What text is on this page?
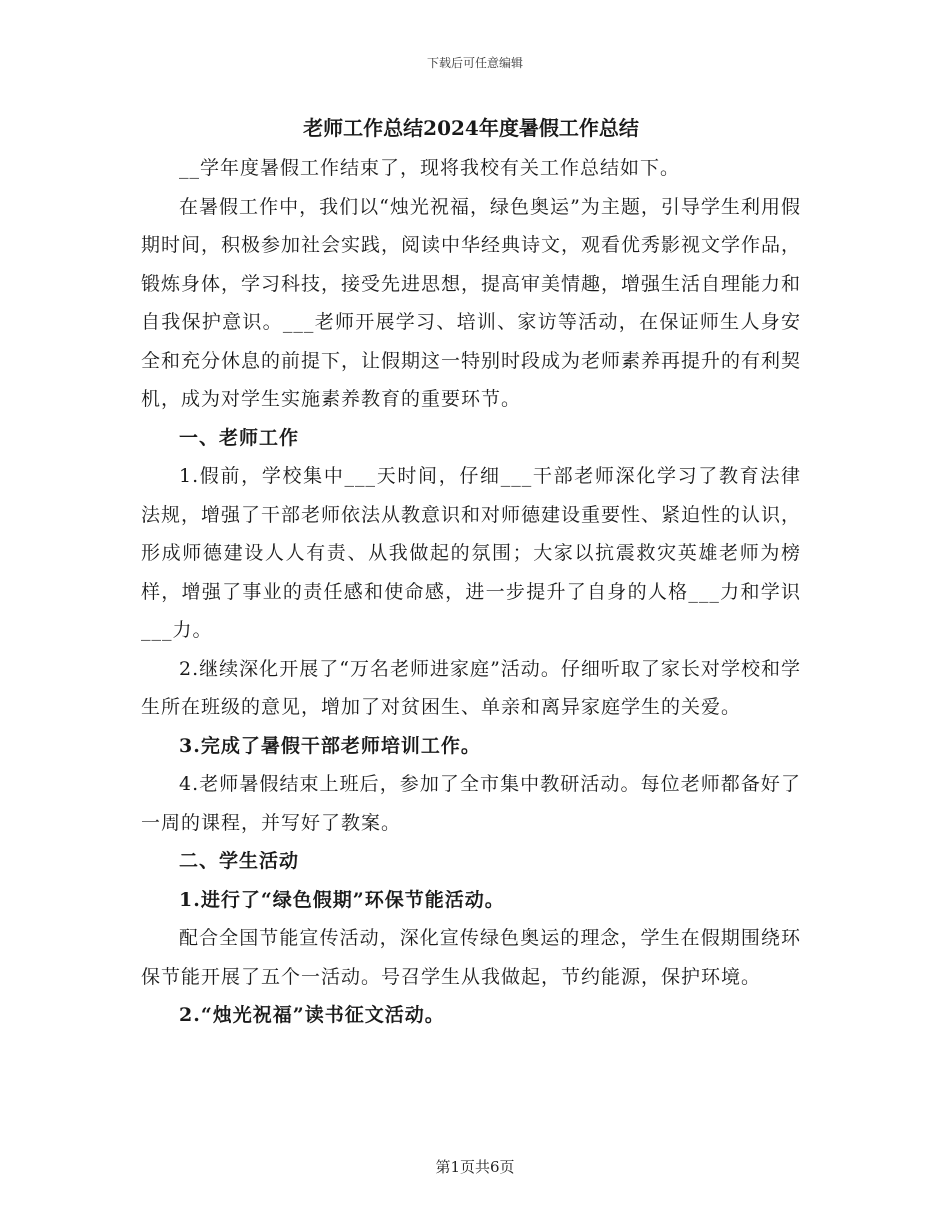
下载后可任意编辑
老师工作总结2024年度暑假工作总结

__学年度暑假工作结束了，现将我校有关工作总结如下。

在暑假工作中，我们以“烛光祝福，绿色奥运”为主题，引导学生利用假期时间，积极参加社会实践，阅读中华经典诗文，观看优秀影视文学作品，锻炼身体，学习科技，接受先进思想，提高审美情趣，增强生活自理能力和自我保护意识。___老师开展学习、培训、家访等活动，在保证师生人身安全和充分休息的前提下，让假期这一特别时段成为老师素养再提升的有利契机，成为对学生实施素养教育的重要环节。

一、老师工作

1.假前，学校集中___天时间，仔细___干部老师深化学习了教育法律法规，增强了干部老师依法从教意识和对师德建设重要性、紧迫性的认识，形成师德建设人人有责、从我做起的氛围；大家以抗震救灾英雄老师为榜样，增强了事业的责任感和使命感，进一步提升了自身的人格___力和学识___力。

2.继续深化开展了“万名老师进家庭”活动。仔细听取了家长对学校和学生所在班级的意见，增加了对贫困生、单亲和离异家庭学生的关爱。

3.完成了暑假干部老师培训工作。

4.老师暑假结束上班后，参加了全市集中教研活动。每位老师都备好了一周的课程，并写好了教案。

二、学生活动

1.进行了“绿色假期”环保节能活动。

配合全国节能宣传活动，深化宣传绿色奥运的理念，学生在假期围绕环保节能开展了五个一活动。号召学生从我做起，节约能源，保护环境。

2.“烛光祝福”读书征文活动。

第1页共6页
